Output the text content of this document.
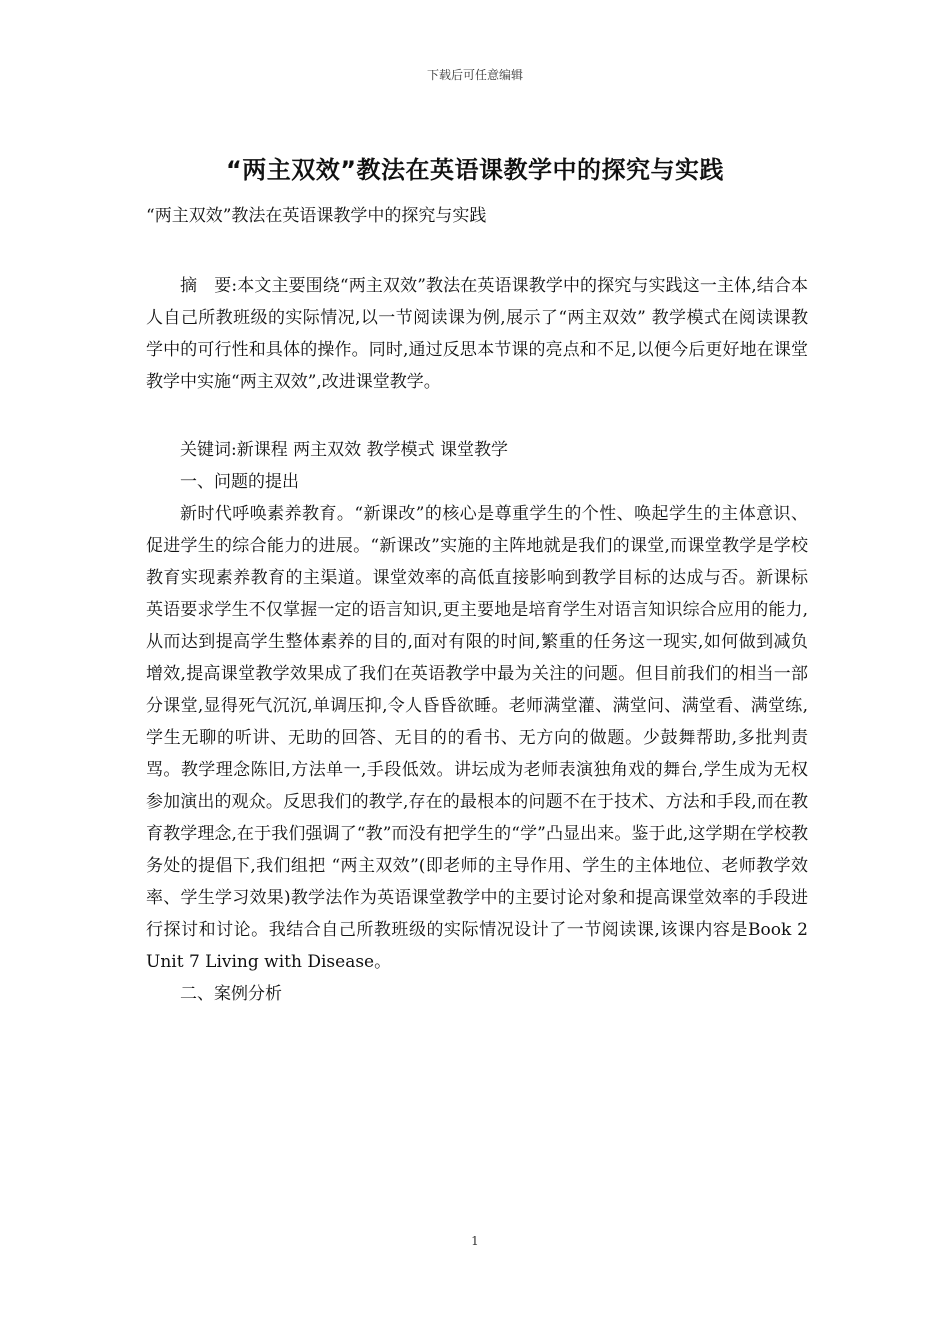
下载后可任意编辑
“两主双效”教法在英语课教学中的探究与实践
“两主双效”教法在英语课教学中的探究与实践

摘　要:本文主要围绕“两主双效”教法在英语课教学中的探究与实践这一主体,结合本人自己所教班级的实际情况,以一节阅读课为例,展示了“两主双效” 教学模式在阅读课教学中的可行性和具体的操作。同时,通过反思本节课的亮点和不足,以便今后更好地在课堂教学中实施“两主双效”,改进课堂教学。

关键词:新课程 两主双效 教学模式 课堂教学

一、问题的提出

新时代呼唤素养教育。“新课改”的核心是尊重学生的个性、唤起学生的主体意识、促进学生的综合能力的进展。“新课改”实施的主阵地就是我们的课堂,而课堂教学是学校教育实现素养教育的主渠道。课堂效率的高低直接影响到教学目标的达成与否。新课标英语要求学生不仅掌握一定的语言知识,更主要地是培育学生对语言知识综合应用的能力,从而达到提高学生整体素养的目的,面对有限的时间,繁重的任务这一现实,如何做到减负增效,提高课堂教学效果成了我们在英语教学中最为关注的问题。但目前我们的相当一部分课堂,显得死气沉沉,单调压抑,令人昏昏欲睡。老师满堂灌、满堂问、满堂看、满堂练,学生无聊的听讲、无助的回答、无目的的看书、无方向的做题。少鼓舞帮助,多批判责骂。教学理念陈旧,方法单一,手段低效。讲坛成为老师表演独角戏的舞台,学生成为无权参加演出的观众。反思我们的教学,存在的最根本的问题不在于技术、方法和手段,而在教育教学理念,在于我们强调了“教”而没有把学生的“学”凸显出来。鉴于此,这学期在学校教务处的提倡下,我们组把 “两主双效”(即老师的主导作用、学生的主体地位、老师教学效率、学生学习效果)教学法作为英语课堂教学中的主要讨论对象和提高课堂效率的手段进行探讨和讨论。我结合自己所教班级的实际情况设计了一节阅读课,该课内容是Book 2 Unit 7 Living with Disease。

二、案例分析

1
